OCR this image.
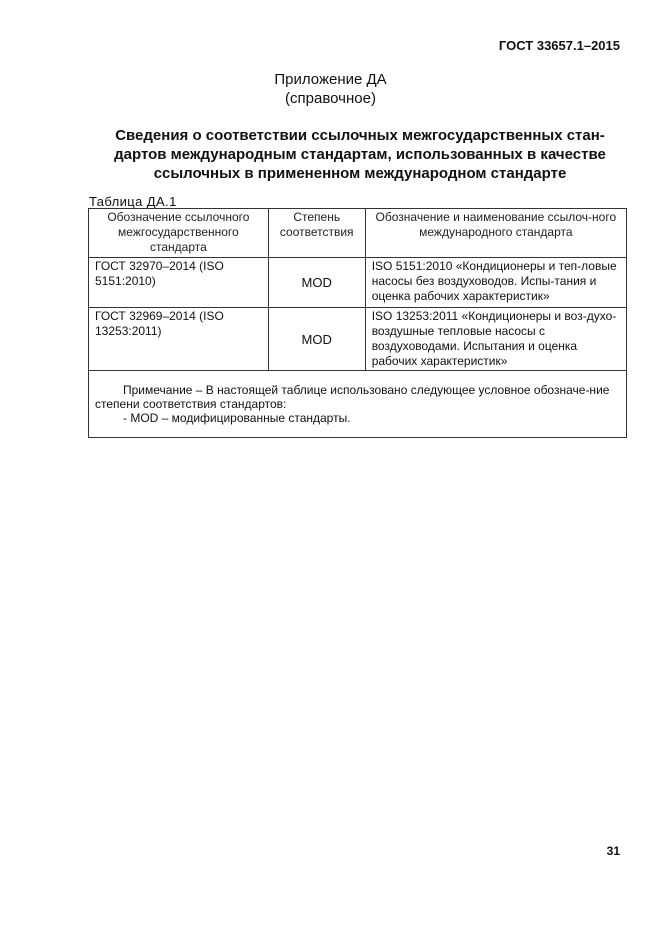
ГОСТ 33657.1–2015
Приложение ДА
(справочное)
Сведения о соответствии ссылочных межгосударственных стан-
дартов международным стандартам, использованных в качестве
ссылочных в примененном международном стандарте
Таблица ДА.1
Обозначение ссылочного межгосударственного стандарта	Степень соответствия	Обозначение и наименование ссылоч-ного международного стандарта
ГОСТ 32970–2014 (ISO 5151:2010)	MOD	ISO 5151:2010 «Кондиционеры и теп-ловые насосы без воздуховодов. Испы-тания и оценка рабочих характеристик»
ГОСТ 32969–2014 (ISO 13253:2011)	MOD	ISO 13253:2011 «Кондиционеры и воз-духо-воздушные тепловые насосы с воздуховодами. Испытания и оценка рабочих характеристик»

Примечание – В настоящей таблице использовано следующее условное обозначе-ние степени соответствия стандартов:

- MOD – модифицированные стандарты.		

31
